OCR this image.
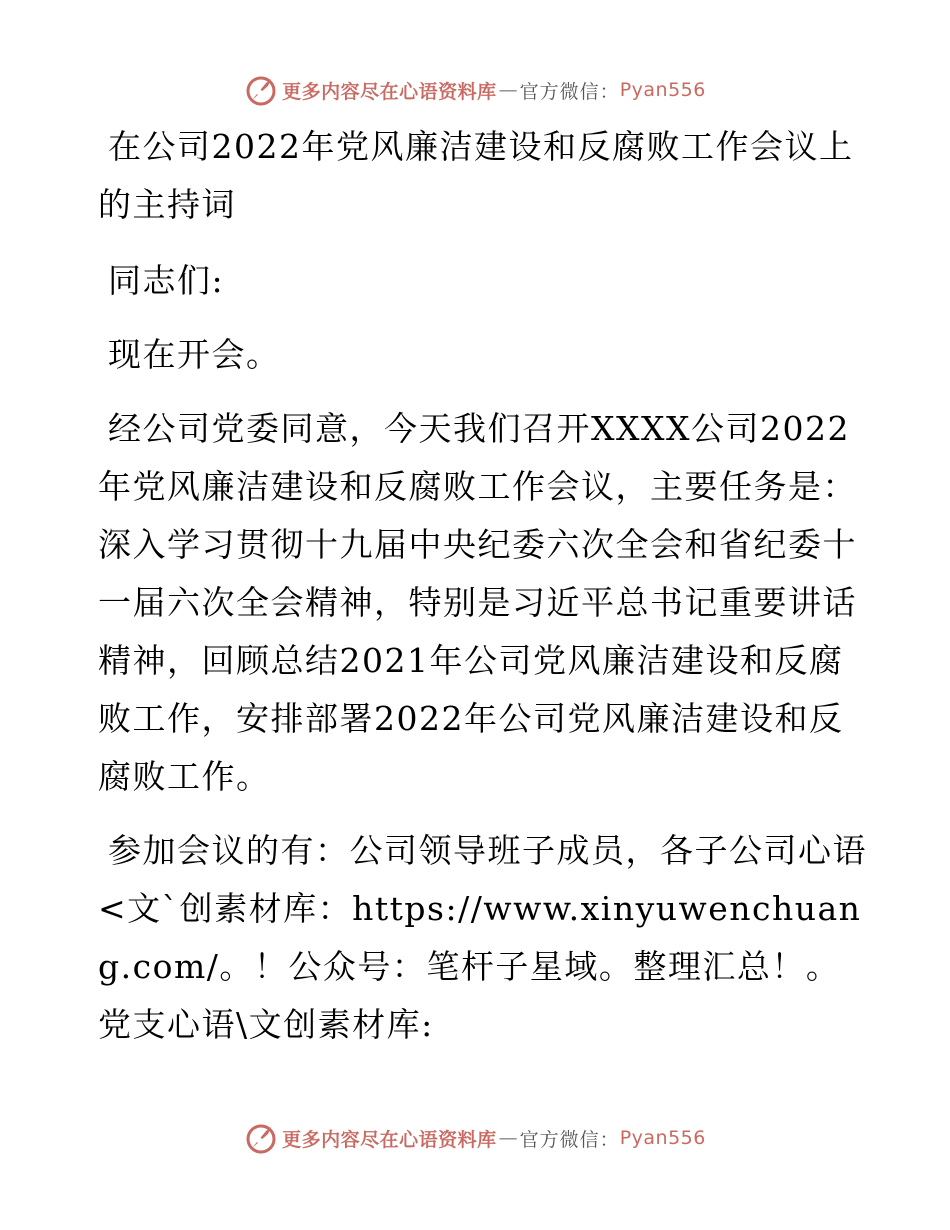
更多内容尽在心语资料库 — 官方微信： Pyan556

在公司2022年党风廉洁建设和反腐败工作会议上的主持词

同志们:

现在开会。

经公司党委同意，今天我们召开XXXX公司2022年党风廉洁建设和反腐败工作会议，主要任务是：深入学习贯彻十九届中央纪委六次全会和省纪委十一届六次全会精神，特别是习近平总书记重要讲话精神，回顾总结2021年公司党风廉洁建设和反腐败工作，安排部署2022年公司党风廉洁建设和反腐败工作。

参加会议的有：公司领导班子成员，各子公司心语<文`创素材库：https://www.xinyuwenchuang.com/。！公众号：笔杆子星域。整理汇总！。党支心语\文创素材库:

更多内容尽在心语资料库 — 官方微信： Pyan556
